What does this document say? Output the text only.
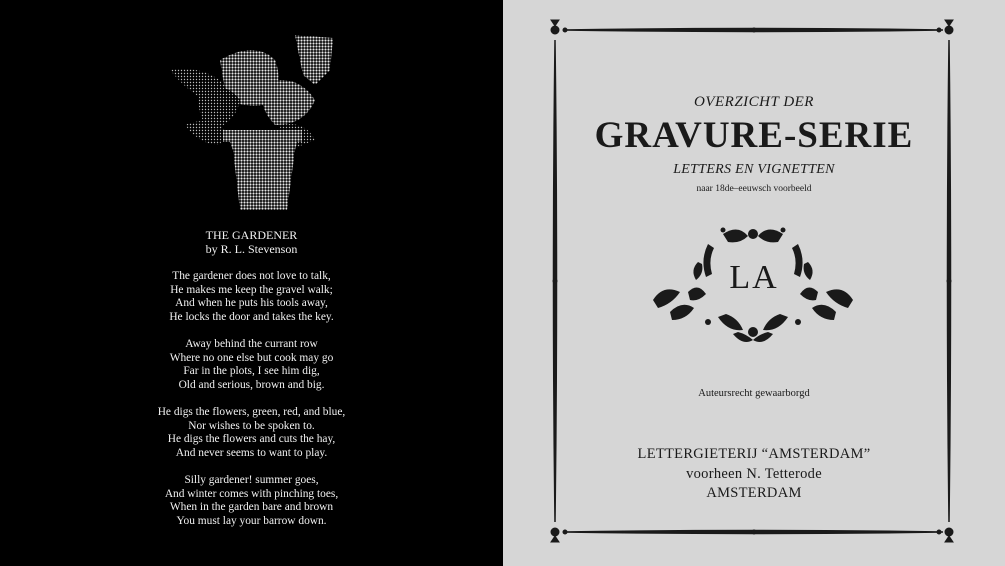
THE GARDENER
by R. L. Stevenson
The gardener does not love to talk,
He makes me keep the gravel walk;
And when he puts his tools away,
He locks the door and takes the key.
Away behind the currant row
Where no one else but cook may go
Far in the plots, I see him dig,
Old and serious, brown and big.
He digs the flowers, green, red, and blue,
Nor wishes to be spoken to.
He digs the flowers and cuts the hay,
And never seems to want to play.
Silly gardener! summer goes,
And winter comes with pinching toes,
When in the garden bare and brown
You must lay your barrow down.
OVERZICHT DER
GRAVURE-SERIE
LETTERS EN VIGNETTEN
naar 18de–eeuwsch voorbeeld
LA
Auteursrecht gewaarborgd
LETTERGIETERIJ “AMSTERDAM”
voorheen N. Tetterode
AMSTERDAM
